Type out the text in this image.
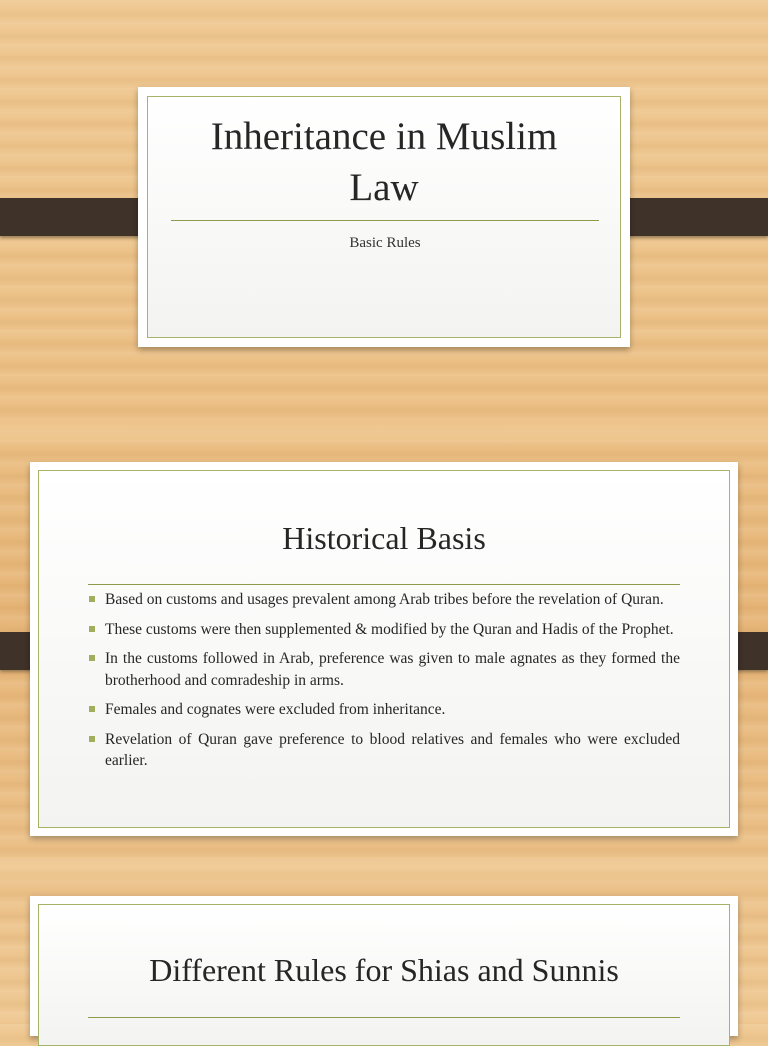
Inheritance in Muslim Law
Basic Rules
Historical Basis
Based on customs and usages prevalent among Arab tribes before the revelation of Quran.
These customs were then supplemented & modified by the Quran and Hadis of the Prophet.
In the customs followed in Arab, preference was given to male agnates as they formed the brotherhood and comradeship in arms.
Females and cognates were excluded from inheritance.
Revelation of Quran gave preference to blood relatives and females who were excluded earlier.
Different Rules for Shias and Sunnis
